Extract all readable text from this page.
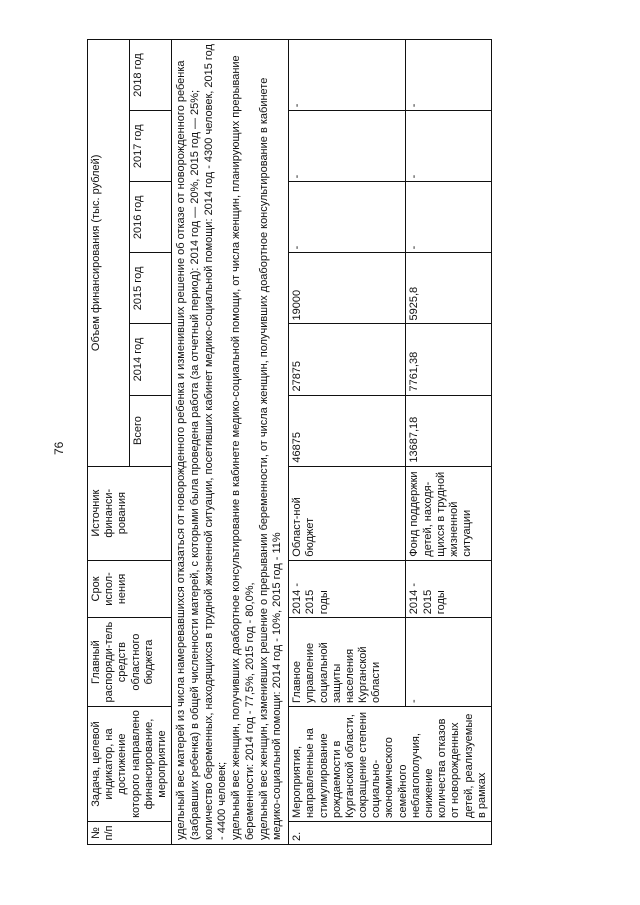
76
№ п/п	Задача, целевой индикатор, на достижение которого направлено финансирование, мероприятие	Главный распоряди-тель средств областного бюджета	Срок испол-нения	Источник финанси-рования	Объем финансирования (тыс. рублей)					
					Всего	2014 год	2015 год	2016 год	2017 год	2018 год

удельный вес матерей из числа намеревавшихся отказаться от новорожденного ребенка и изменивших решение об отказе от новорожденного ребенка (забравших ребенка) в общей численности матерей, с которыми была проведена работа (за отчетный период): 2014 год — 20%, 2015 год — 25%; количество беременных, находящихся в трудной жизненной ситуации, посетивших кабинет медико-социальной помощи: 2014 год - 4300 человек, 2015 год - 4400 человек; удельный вес женщин, получивших доабортное консультирование в кабинете медико-социальной помощи, от числа женщин, планирующих прерывание беременности: 2014 год - 77,5%, 2015 год - 80,0%, удельный вес женщин, изменивших решение о прерывании беременности, от числа женщин, получивших доабортное консультирование в кабинете медико-социальной помощи: 2014 год - 10%, 2015 год - 11%										

2.	Мероприятия, направленные на стимулирование рождаемости в Курганской области, сокращение степени социально-экономического семейного неблагополучия, снижение количества отказов от новорожденных детей, реализуемые в рамках	Главное управление социальной защиты населения Курганской области	2014 - 2015 годы	Област-ной бюджет	46875	27875	19000	-	-	-
		-	2014 - 2015 годы	Фонд поддержки детей, находя-щихся в трудной жизненной ситуации	13687,18	7761,38	5925,8	-	-	-
